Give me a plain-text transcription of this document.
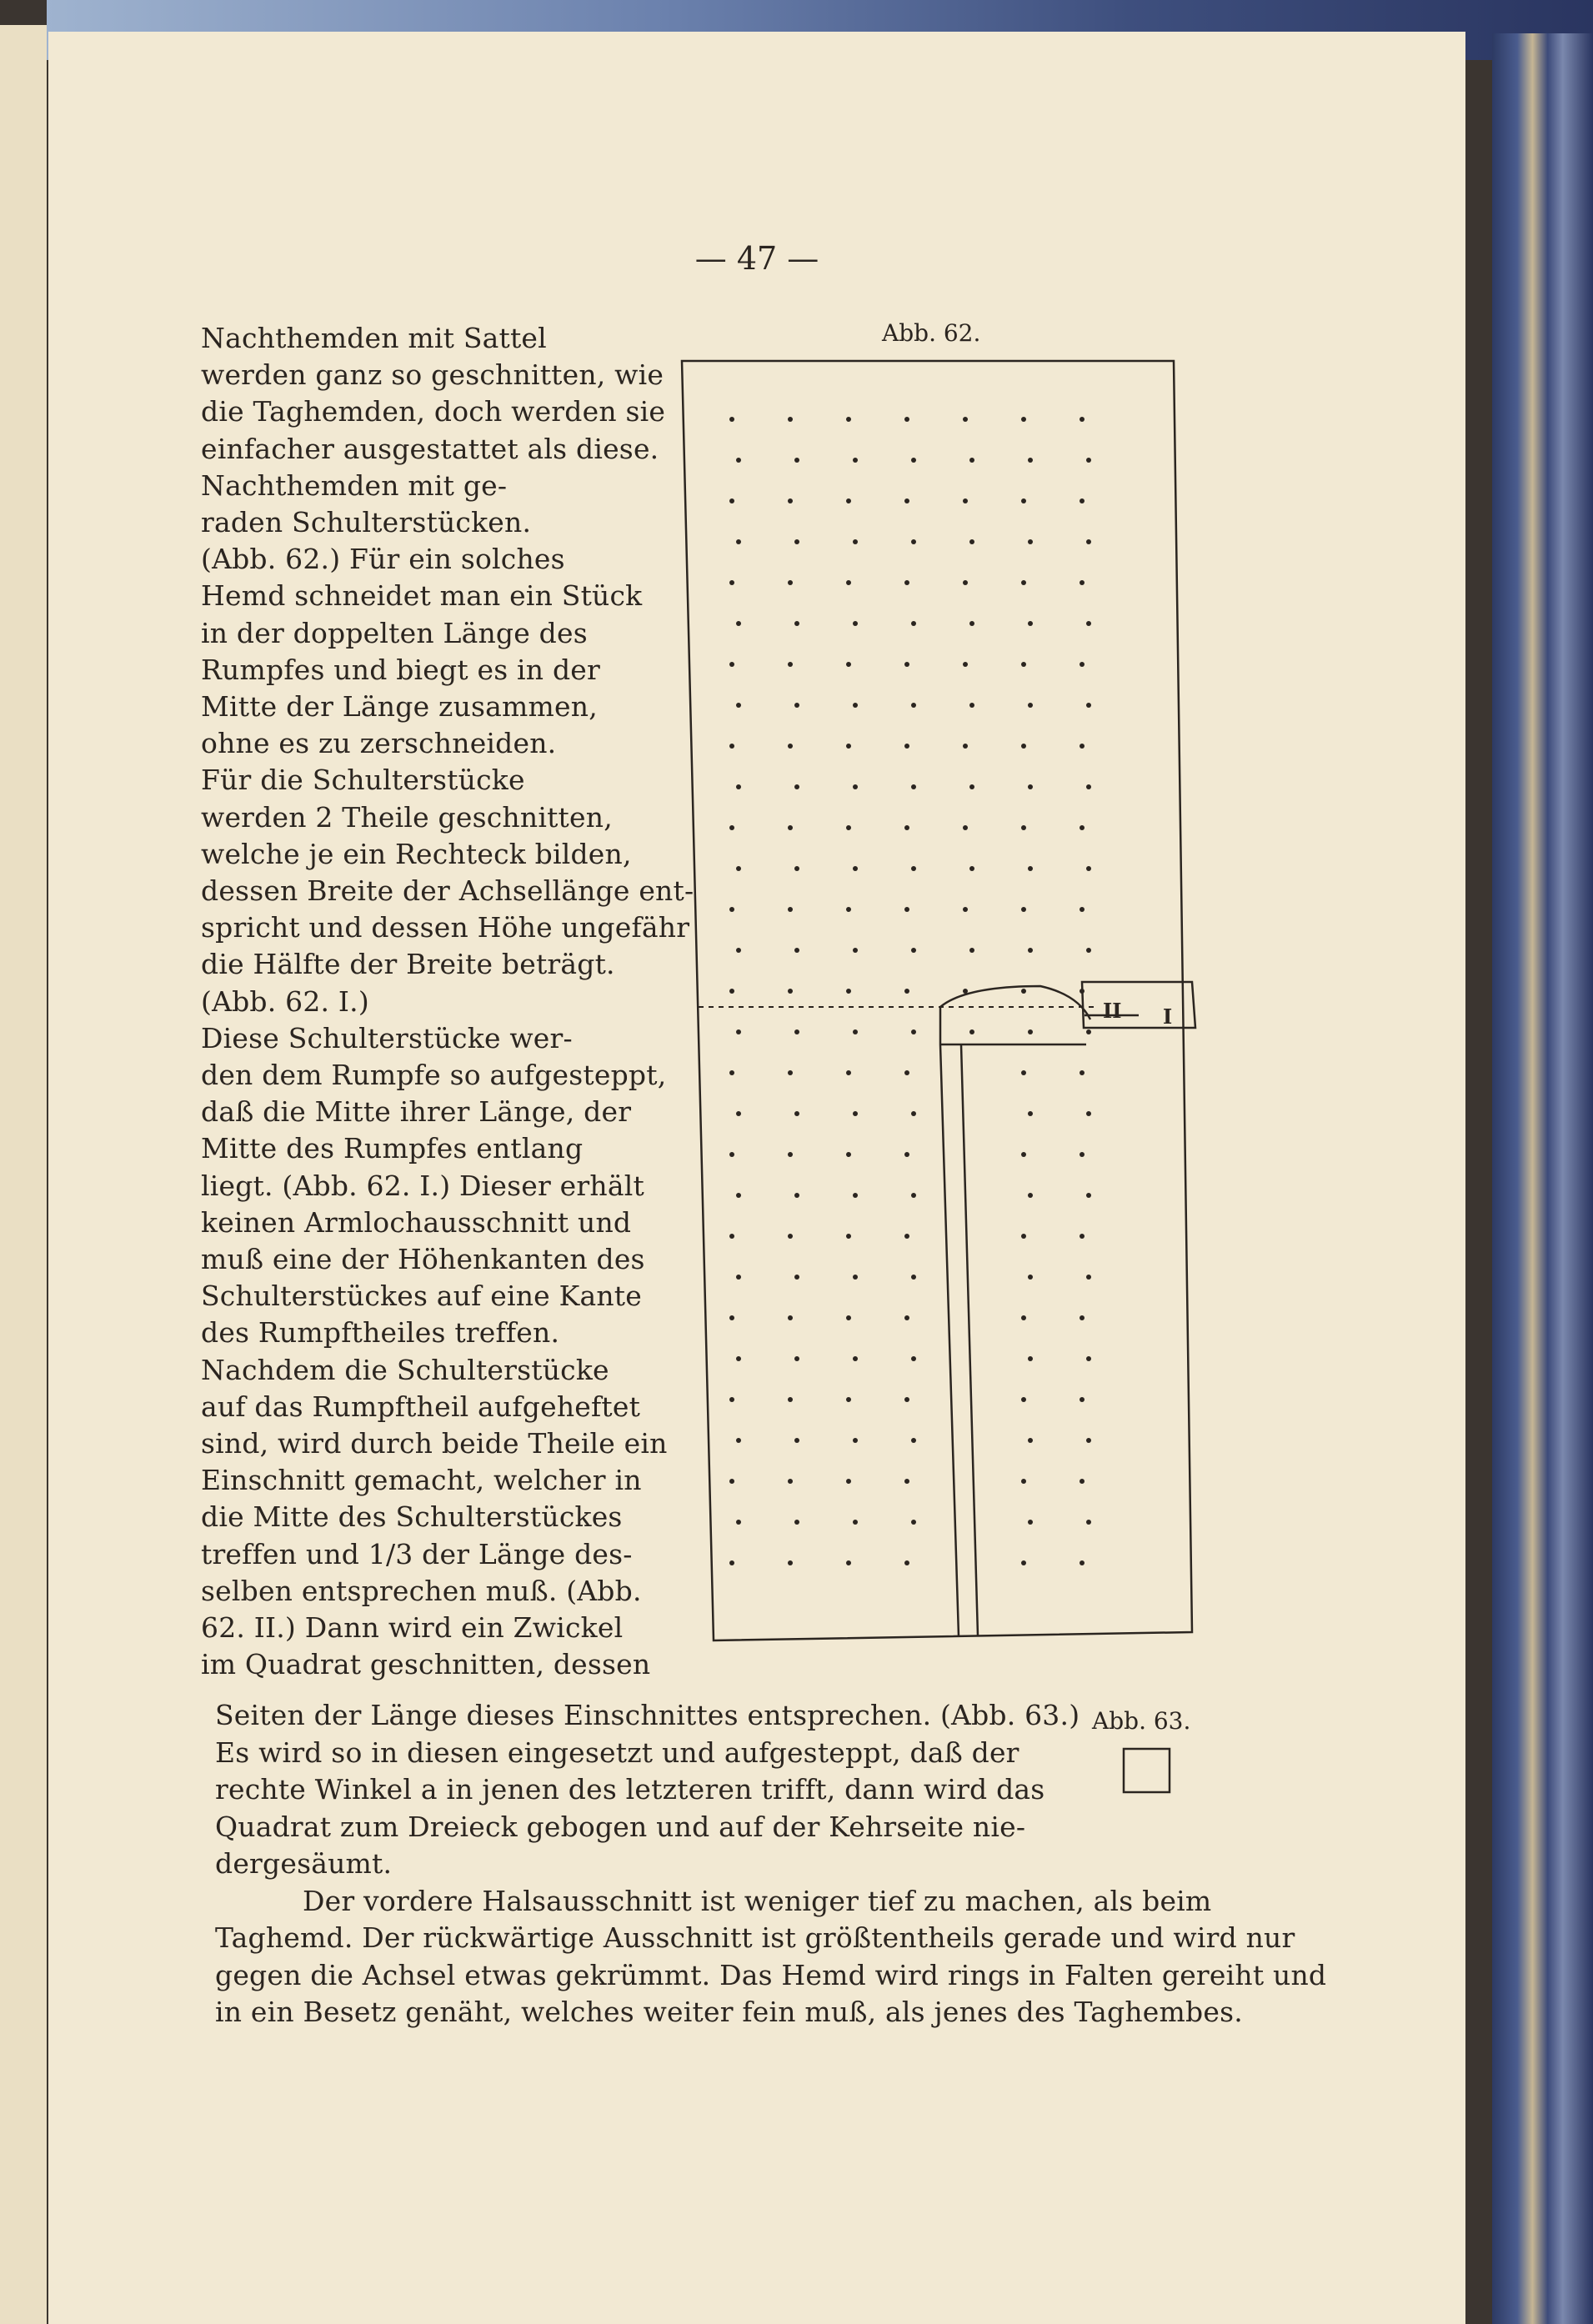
— 47 —
Nachthemden mit Sattel
werden ganz so geschnitten, wie
die Taghemden, doch werden sie
einfacher ausgestattet als diese.
Nachthemden mit ge-
raden Schulterstücken.
(Abb. 62.) Für ein solches
Hemd schneidet man ein Stück
in der doppelten Länge des
Rumpfes und biegt es in der
Mitte der Länge zusammen,
ohne es zu zerschneiden.
Für die Schulterstücke
werden 2 Theile geschnitten,
welche je ein Rechteck bilden,
dessen Breite der Achsellänge ent-
spricht und dessen Höhe ungefähr
die Hälfte der Breite beträgt.
(Abb. 62. I.)
Diese Schulterstücke wer-
den dem Rumpfe so aufgesteppt,
daß die Mitte ihrer Länge, der
Mitte des Rumpfes entlang
liegt. (Abb. 62. I.) Dieser erhält
keinen Armlochausschnitt und
muß eine der Höhenkanten des
Schulterstückes auf eine Kante
des Rumpftheiles treffen.
Nachdem die Schulterstücke
auf das Rumpftheil aufgeheftet
sind, wird durch beide Theile ein
Einschnitt gemacht, welcher in
die Mitte des Schulterstückes
treffen und 1/3 der Länge des-
selben entsprechen muß. (Abb.
62. II.) Dann wird ein Zwickel
im Quadrat geschnitten, dessen
Seiten der Länge dieses Einschnittes entsprechen. (Abb. 63.)
Es wird so in diesen eingesetzt und aufgesteppt, daß der
rechte Winkel a in jenen des letzteren trifft, dann wird das
Quadrat zum Dreieck gebogen und auf der Kehrseite nie-
dergesäumt.
Der vordere Halsausschnitt ist weniger tief zu machen, als beim
Taghemd. Der rückwärtige Ausschnitt ist größtentheils gerade und wird nur
gegen die Achsel etwas gekrümmt. Das Hemd wird rings in Falten gereiht und
in ein Besetz genäht, welches weiter fein muß, als jenes des Taghembes.
Abb. 62.
Abb. 63.
II I
